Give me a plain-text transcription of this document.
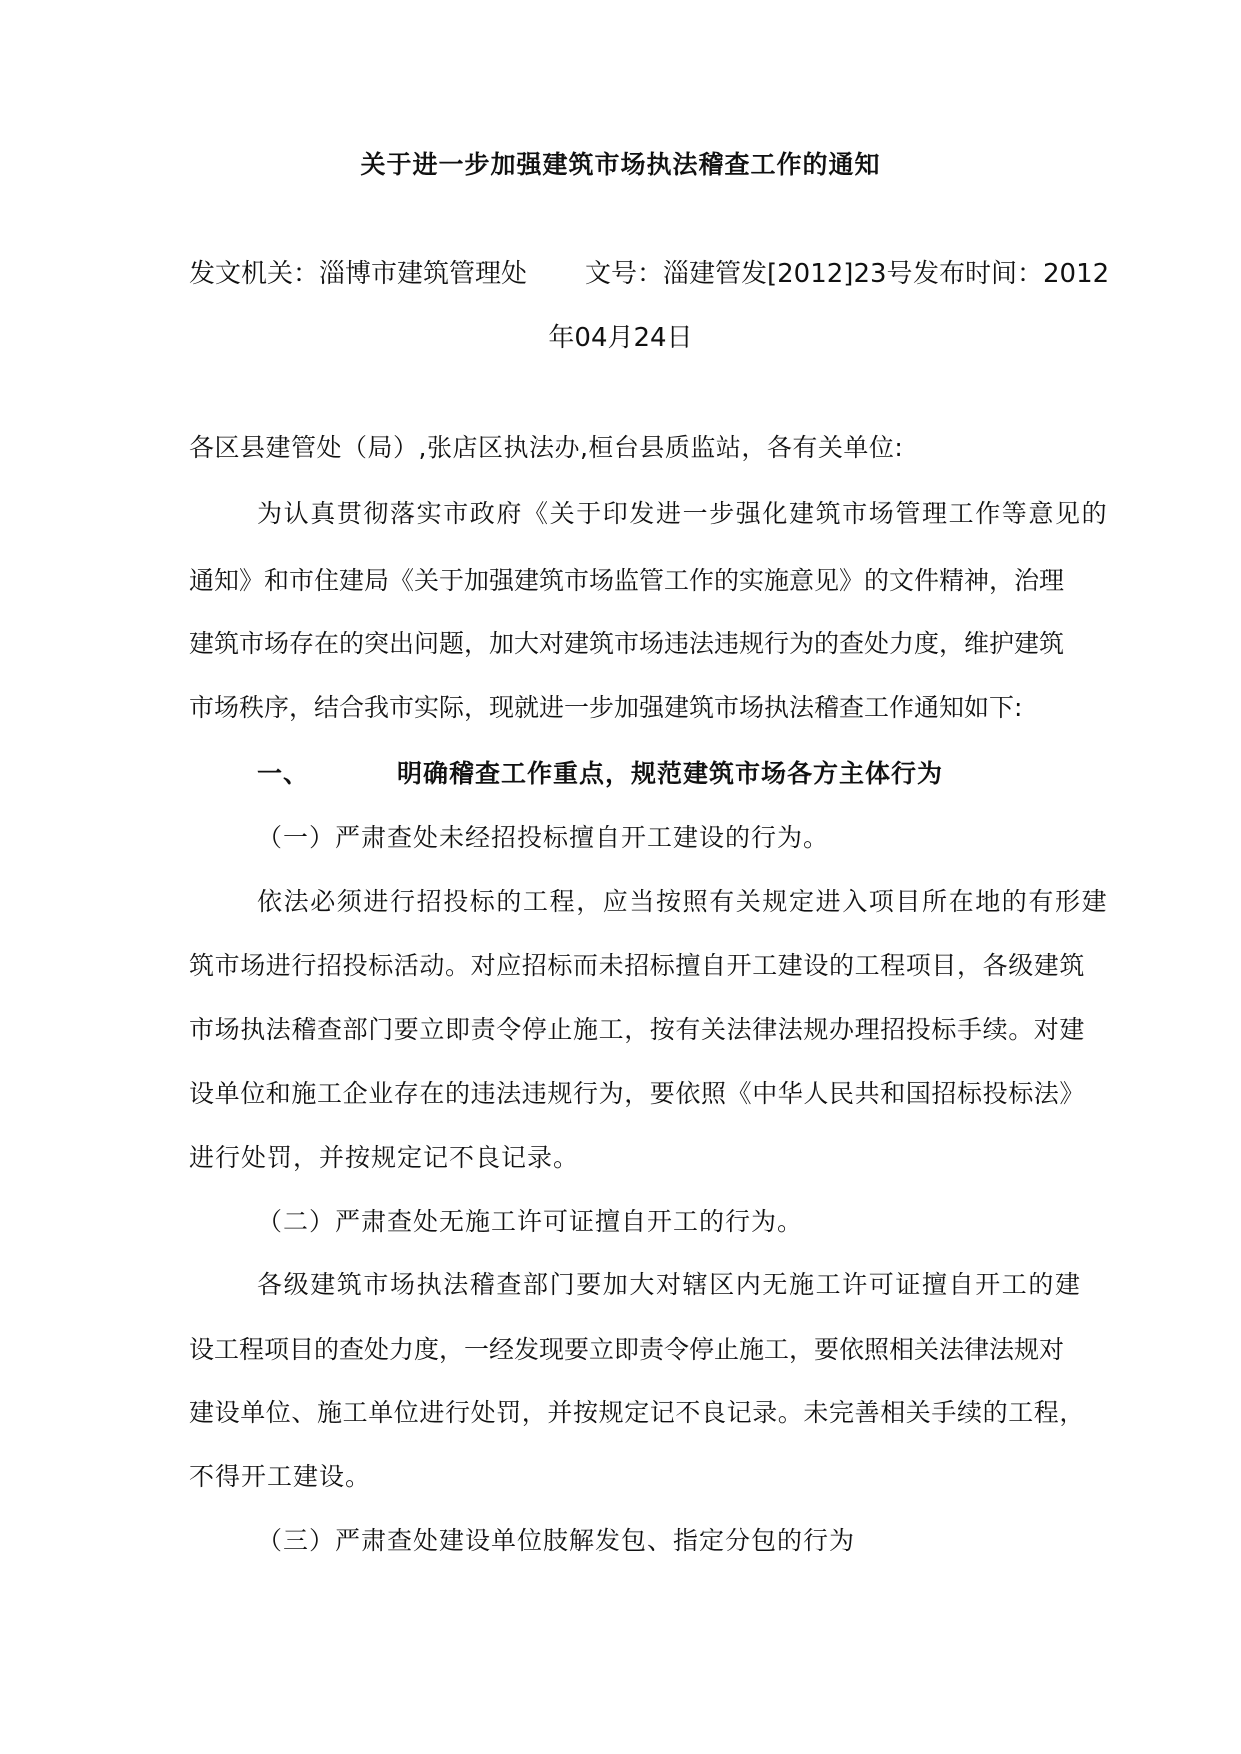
关于进一步加强建筑市场执法稽查工作的通知
发文机关：淄博市建筑管理处 文号：淄建管发[2012]23号 发布时间：2012
年04月24日
各区县建管处（局）,张店区执法办,桓台县质监站，各有关单位:
为认真贯彻落实市政府《关于印发进一步强化建筑市场管理工作等意见的
通知》和市住建局《关于加强建筑市场监管工作的实施意见》的文件精神，治理
建筑市场存在的突出问题，加大对建筑市场违法违规行为的查处力度，维护建筑
市场秩序，结合我市实际，现就进一步加强建筑市场执法稽查工作通知如下:
一、	明确稽查工作重点，规范建筑市场各方主体行为
（一）严肃查处未经招投标擅自开工建设的行为。
依法必须进行招投标的工程，应当按照有关规定进入项目所在地的有形建
筑市场进行招投标活动。对应招标而未招标擅自开工建设的工程项目，各级建筑
市场执法稽查部门要立即责令停止施工，按有关法律法规办理招投标手续。对建
设单位和施工企业存在的违法违规行为，要依照《中华人民共和国招标投标法》
进行处罚，并按规定记不良记录。
（二）严肃查处无施工许可证擅自开工的行为。
各级建筑市场执法稽查部门要加大对辖区内无施工许可证擅自开工的建
设工程项目的查处力度，一经发现要立即责令停止施工，要依照相关法律法规对
建设单位、施工单位进行处罚，并按规定记不良记录。未完善相关手续的工程，
不得开工建设。
（三）严肃查处建设单位肢解发包、指定分包的行为
